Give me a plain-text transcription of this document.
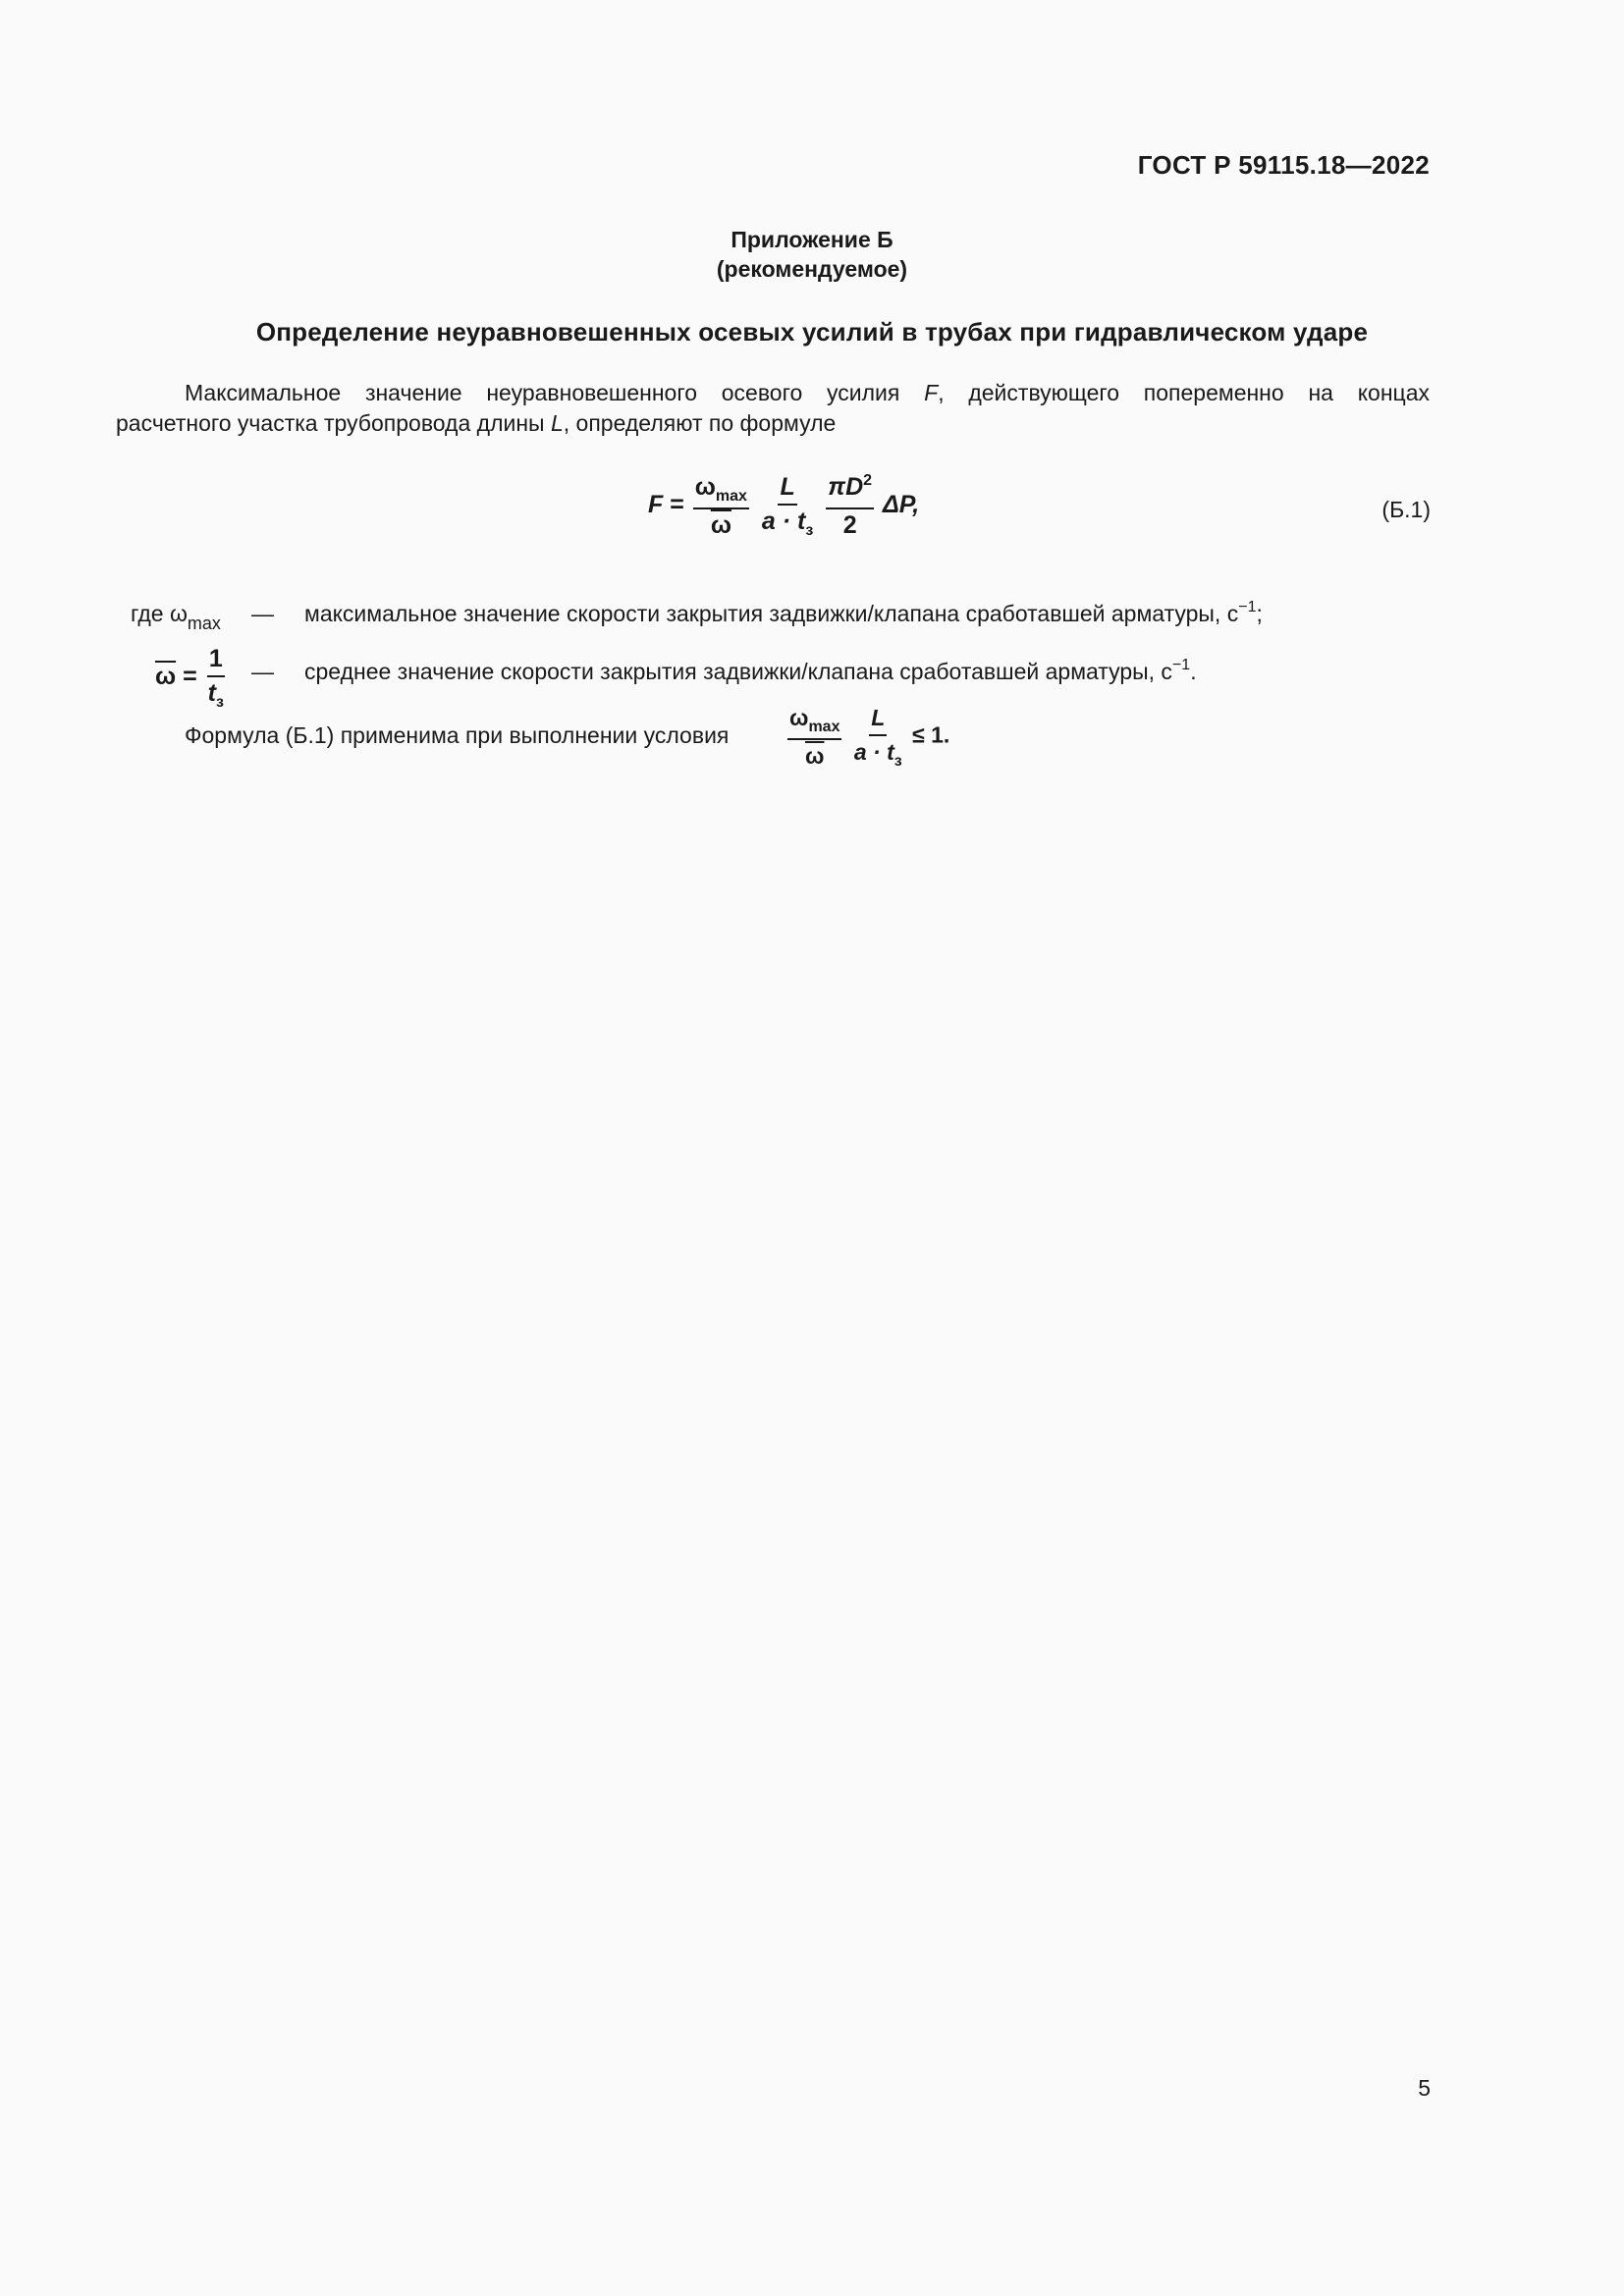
ГОСТ Р 59115.18—2022
Приложение Б
(рекомендуемое)
Определение неуравновешенных осевых усилий в трубах при гидравлическом ударе
Максимальное значение неуравновешенного осевого усилия F, действующего попеременно на концах
расчетного участка трубопровода длины L, определяют по формуле
$F = \frac{\omega_{max}}{\omega}$
$\frac{L}{a \cdot t_з}$
$\frac{\pi D^2}{2} \Delta P$,	(Б.1)
где $\omega_{max}$ — максимальное значение скорости закрытия задвижки/клапана сработавшей арматуры, $с^{-1}$;
$\overline{\omega} = \frac{1}{t_з}$ — среднее значение скорости закрытия задвижки/клапана сработавшей арматуры, $с^{-1}$.
Формула (Б.1) применима при выполнении условия	$\frac{\omega_{max}}{\omega}$
$\frac{L}{a \cdot t_з} \le 1$.
5
